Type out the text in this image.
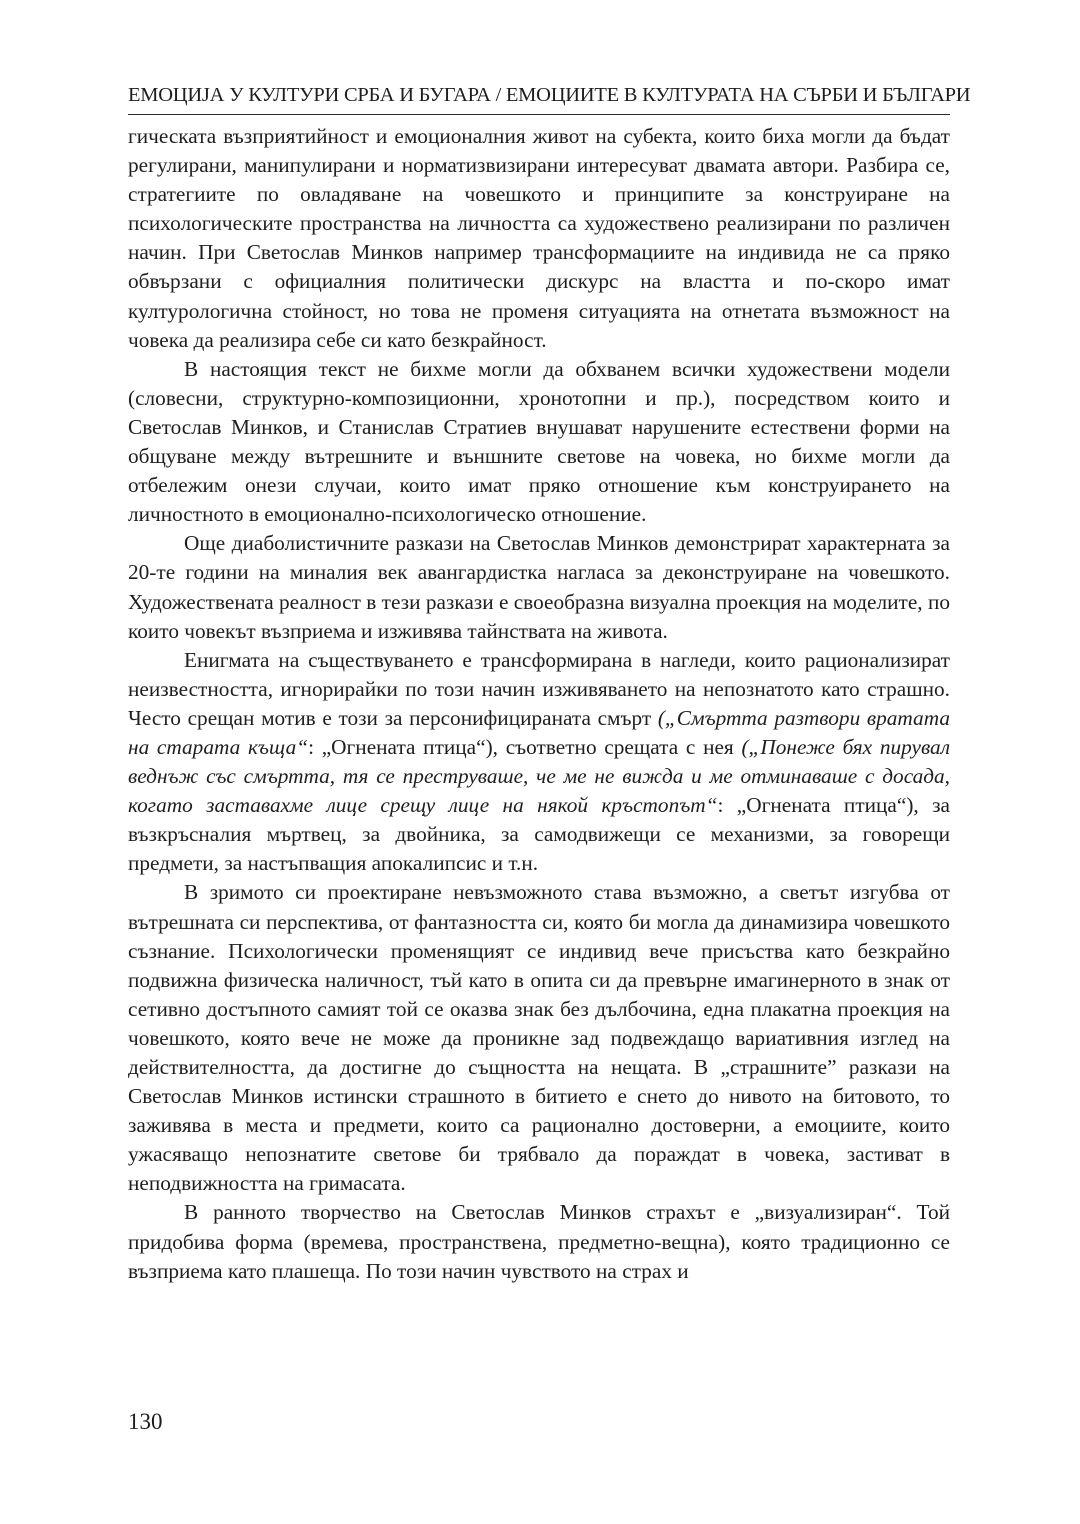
ЕМОЦИЈА У КУЛТУРИ СРБА И БУГАРА / ЕМОЦИИТЕ В КУЛТУРАТА НА СЪРБИ И БЪЛГАРИ

гическата възприятийност и емоционалния живот на субекта, които биха могли да бъдат регулирани, манипулирани и норматизвизирани интересуват двамата автори. Разбира се, стратегиите по овладяване на човешкото и принципите за конструиране на психологическите пространства на личността са художествено реализирани по различен начин. При Светослав Минков например трансформациите на индивида не са пряко обвързани с официалния политически дискурс на властта и по-скоро имат културологична стойност, но това не променя ситуацията на отнетата възможност на човека да реализира себе си като безкрайност.

В настоящия текст не бихме могли да обхванем всички художествени модели (словесни, структурно-композиционни, хронотопни и пр.), посредством които и Светослав Минков, и Станислав Стратиев внушават нарушените естествени форми на общуване между вътрешните и външните светове на човека, но бихме могли да отбележим онези случаи, които имат пряко отношение към конструирането на личностното в емоционално-психологическо отношение.

Още диаболистичните разкази на Светослав Минков демонстрират характерната за 20-те години на миналия век авангардистка нагласа за деконструиране на човешкото. Художествената реалност в тези разкази е своеобразна визуална проекция на моделите, по които човекът възприема и изживява тайнствата на живота.

Енигмата на съществуването е трансформирана в нагледи, които рационализират неизвестността, игнорирайки по този начин изживяването на непознатото като страшно. Често срещан мотив е този за персонифицираната смърт („Смъртта разтвори вратата на старата къща“: „Огнената птица“), съответно срещата с нея („Понеже бях пирувал веднъж със смъртта, тя се преструваше, че ме не вижда и ме отминаваше с досада, когато заставахме лице срещу лице на някой кръстопът“: „Огнената птица“), за възкръсналия мъртвец, за двойника, за самодвижещи се механизми, за говорещи предмети, за настъпващия апокалипсис и т.н.

В зримото си проектиране невъзможното става възможно, а светът изгубва от вътрешната си перспектива, от фантазността си, която би могла да динамизира човешкото съзнание. Психологически променящият се индивид вече присъства като безкрайно подвижна физическа наличност, тъй като в опита си да превърне имагинерното в знак от сетивно достъпното самият той се оказва знак без дълбочина, една плакатна проекция на човешкото, която вече не може да проникне зад подвеждащо вариативния изглед на действителността, да достигне до същността на нещата. В „страшните” разкази на Светослав Минков истински страшното в битието е снето до нивото на битовото, то заживява в места и предмети, които са рационално достоверни, а емоциите, които ужасяващо непознатите светове би трябвало да пораждат в човека, застиват в неподвижността на гримасата.

В ранното творчество на Светослав Минков страхът е „визуализиран“. Той придобива форма (времева, пространствена, предметно-вещна), която традиционно се възприема като плашеща. По този начин чувството на страх и

130
